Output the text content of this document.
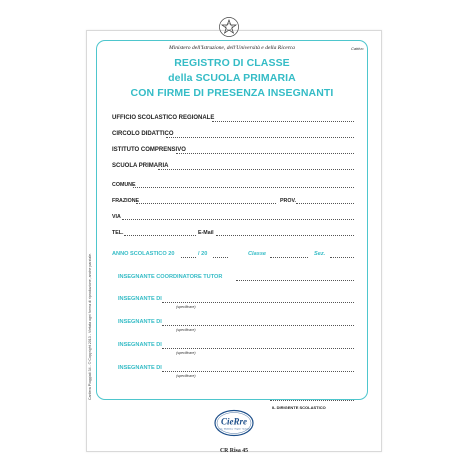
Cattivo
Ministero dell'Istruzione, dell'Università e della Ricerca
REGISTRO DI CLASSE
della SCUOLA PRIMARIA
CON FIRME DI PRESENZA INSEGNANTI
UFFICIO SCOLASTICO REGIONALE
CIRCOLO DIDATTICO
ISTITUTO COMPRENSIVO
SCUOLA PRIMARIA
COMUNE
FRAZIONE	PROV.
VIA
TEL.	E-Mail
ANNO SCOLASTICO 20	/ 20	Classe	Sez.
INSEGNANTE COORDINATORE TUTOR
INSEGNANTE DI
(specificare)
INSEGNANTE DI
(specificare)
INSEGNANTE DI
(specificare)
INSEGNANTE DI
(specificare)
IL DIRIGENTE SCOLASTICO
Cartiera Pioggiati 34 - © Copyright 2013 - Vietata ogni forma di riproduzione, anche parziale.
CieRre
Carta · Modulistica · Registri · Scolastici
CR Risa 45
